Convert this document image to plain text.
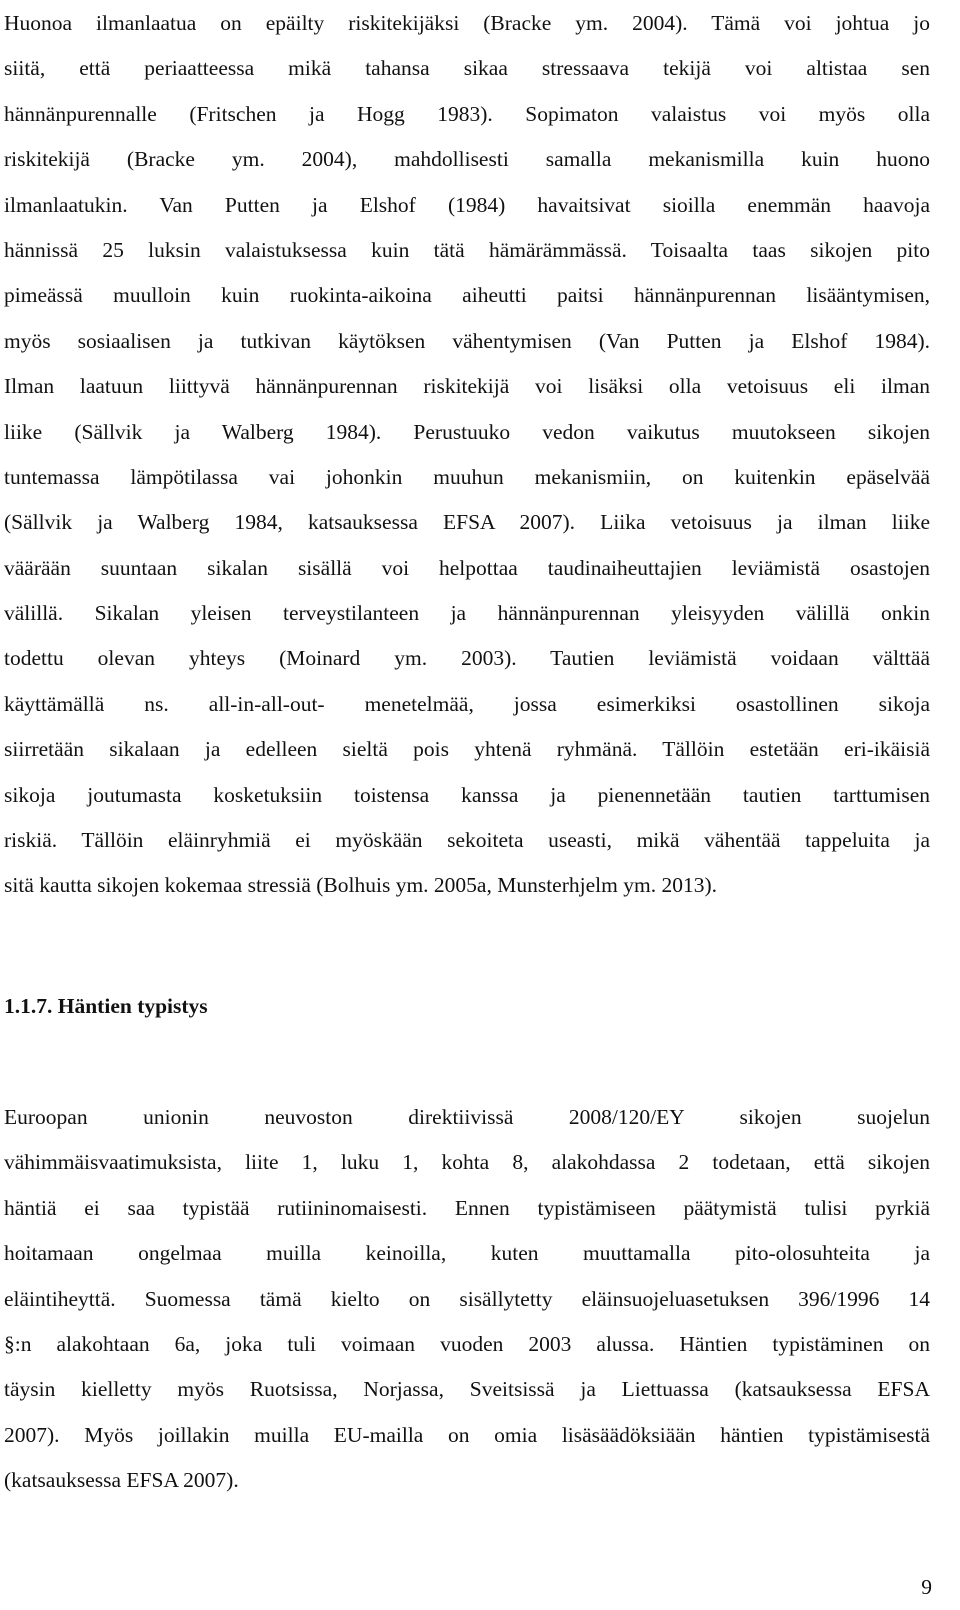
Huonoa ilmanlaatua on epäilty riskitekijäksi (Bracke ym. 2004). Tämä voi johtua jo
siitä, että periaatteessa mikä tahansa sikaa stressaava tekijä voi altistaa sen
hännänpurennalle (Fritschen ja Hogg 1983). Sopimaton valaistus voi myös olla
riskitekijä (Bracke ym. 2004), mahdollisesti samalla mekanismilla kuin huono
ilmanlaatukin. Van Putten ja Elshof (1984) havaitsivat sioilla enemmän haavoja
hännissä 25 luksin valaistuksessa kuin tätä hämärämmässä. Toisaalta taas sikojen pito
pimeässä muulloin kuin ruokinta-aikoina aiheutti paitsi hännänpurennan lisääntymisen,
myös sosiaalisen ja tutkivan käytöksen vähentymisen (Van Putten ja Elshof 1984).
Ilman laatuun liittyvä hännänpurennan riskitekijä voi lisäksi olla vetoisuus eli ilman
liike (Sällvik ja Walberg 1984). Perustuuko vedon vaikutus muutokseen sikojen
tuntemassa lämpötilassa vai johonkin muuhun mekanismiin, on kuitenkin epäselvää
(Sällvik ja Walberg 1984, katsauksessa EFSA 2007). Liika vetoisuus ja ilman liike
väärään suuntaan sikalan sisällä voi helpottaa taudinaiheuttajien leviämistä osastojen
välillä. Sikalan yleisen terveystilanteen ja hännänpurennan yleisyyden välillä onkin
todettu olevan yhteys (Moinard ym. 2003). Tautien leviämistä voidaan välttää
käyttämällä ns. all-in-all-out- menetelmää, jossa esimerkiksi osastollinen sikoja
siirretään sikalaan ja edelleen sieltä pois yhtenä ryhmänä. Tällöin estetään eri-ikäisiä
sikoja joutumasta kosketuksiin toistensa kanssa ja pienennetään tautien tarttumisen
riskiä. Tällöin eläinryhmiä ei myöskään sekoiteta useasti, mikä vähentää tappeluita ja
sitä kautta sikojen kokemaa stressiä (Bolhuis ym. 2005a, Munsterhjelm ym. 2013).
1.1.7. Häntien typistys
Euroopan unionin neuvoston direktiivissä 2008/120/EY sikojen suojelun
vähimmäisvaatimuksista, liite 1, luku 1, kohta 8, alakohdassa 2 todetaan, että sikojen
häntiä ei saa typistää rutiininomaisesti. Ennen typistämiseen päätymistä tulisi pyrkiä
hoitamaan ongelmaa muilla keinoilla, kuten muuttamalla pito-olosuhteita ja
eläintiheyttä. Suomessa tämä kielto on sisällytetty eläinsuojeluasetuksen 396/1996 14
§:n alakohtaan 6a, joka tuli voimaan vuoden 2003 alussa. Häntien typistäminen on
täysin kielletty myös Ruotsissa, Norjassa, Sveitsissä ja Liettuassa (katsauksessa EFSA
2007). Myös joillakin muilla EU-mailla on omia lisäsäädöksiään häntien typistämisestä
(katsauksessa EFSA 2007).
9
